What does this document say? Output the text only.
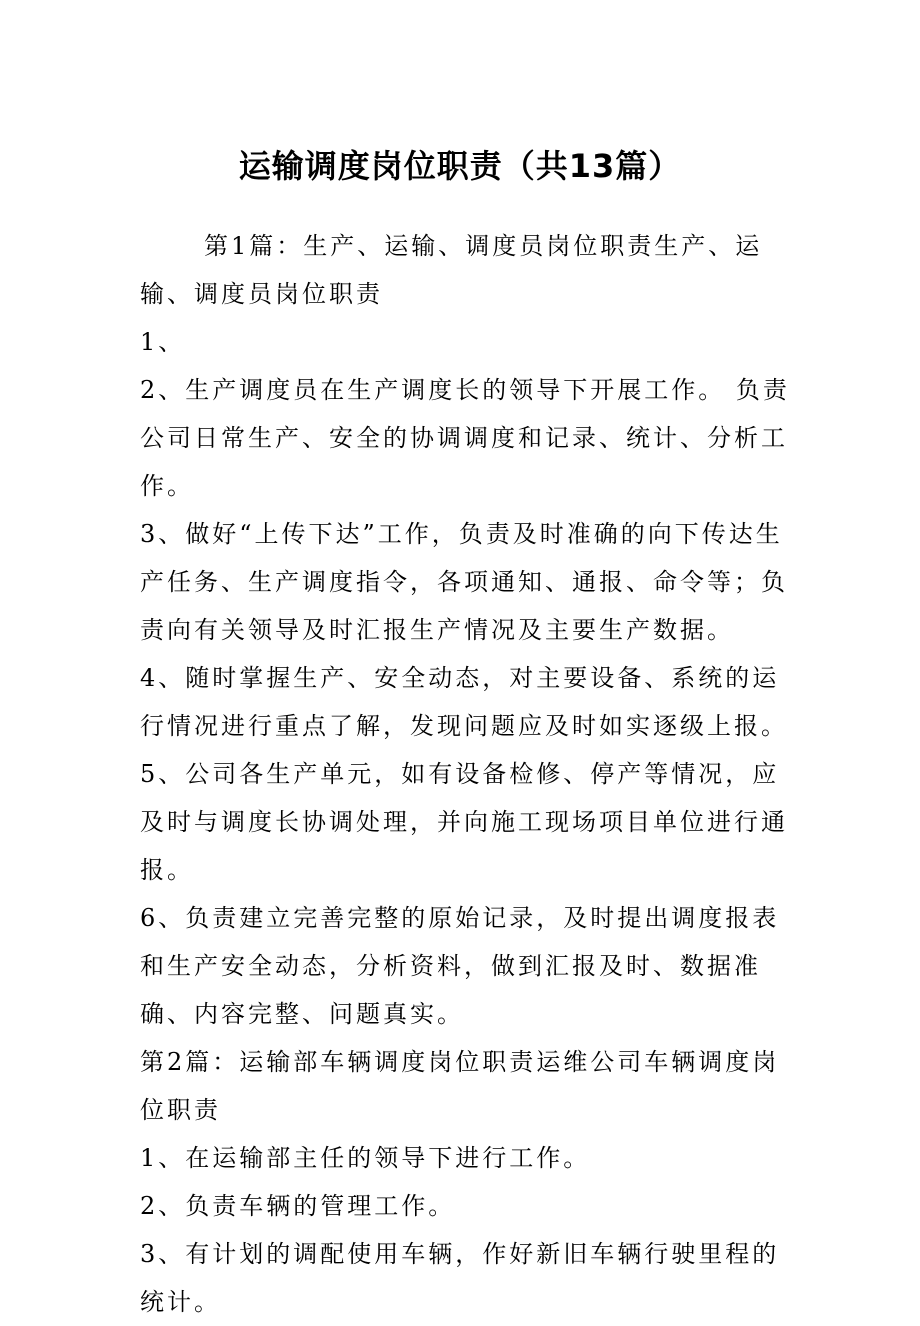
运输调度岗位职责（共13篇）

第1篇：生产、运输、调度员岗位职责生产、运输、调度员岗位职责

1、

2、生产调度员在生产调度长的领导下开展工作。 负责公司日常生产、安全的协调调度和记录、统计、分析工作。

3、做好“上传下达”工作，负责及时准确的向下传达生产任务、生产调度指令，各项通知、通报、命令等；负责向有关领导及时汇报生产情况及主要生产数据。

4、随时掌握生产、安全动态，对主要设备、系统的运行情况进行重点了解，发现问题应及时如实逐级上报。

5、公司各生产单元，如有设备检修、停产等情况，应及时与调度长协调处理，并向施工现场项目单位进行通报。

6、负责建立完善完整的原始记录，及时提出调度报表和生产安全动态，分析资料，做到汇报及时、数据准确、内容完整、问题真实。

第2篇：运输部车辆调度岗位职责运维公司车辆调度岗位职责

1、在运输部主任的领导下进行工作。

2、负责车辆的管理工作。

3、有计划的调配使用车辆，作好新旧车辆行驶里程的统计。
